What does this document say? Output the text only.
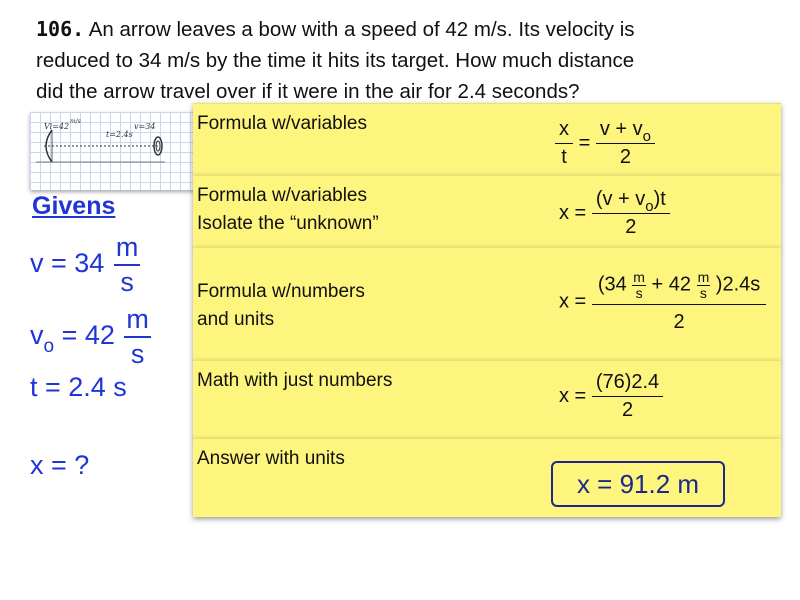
106. An arrow leaves a bow with a speed of 42 m/s. Its velocity is
reduced to 34 m/s by the time it hits its target. How much distance
did the arrow travel over if it were in the air for 2.4 seconds?
Vi=42
m/s
t=2.4s
v=34
Givens
$v = 34 \frac{m}{s}$
$v_o = 42 \frac{m}{s}$
t = 2.4 s
x = ?
Formula w/variables	$\frac{x}{t} = \frac{v + v_o}{2}$
Formula w/variables
Isolate the “unknown”	$x = \frac{(v + v_o)t}{2}$
Formula w/numbers
and units
$x = \frac{(34 \frac{m}{s} + 42 \frac{m}{s} )2.4s}{2}$
Math with just numbers
$x = \frac{(76)2.4}{2}$
Answer with units
x = 91.2 m
